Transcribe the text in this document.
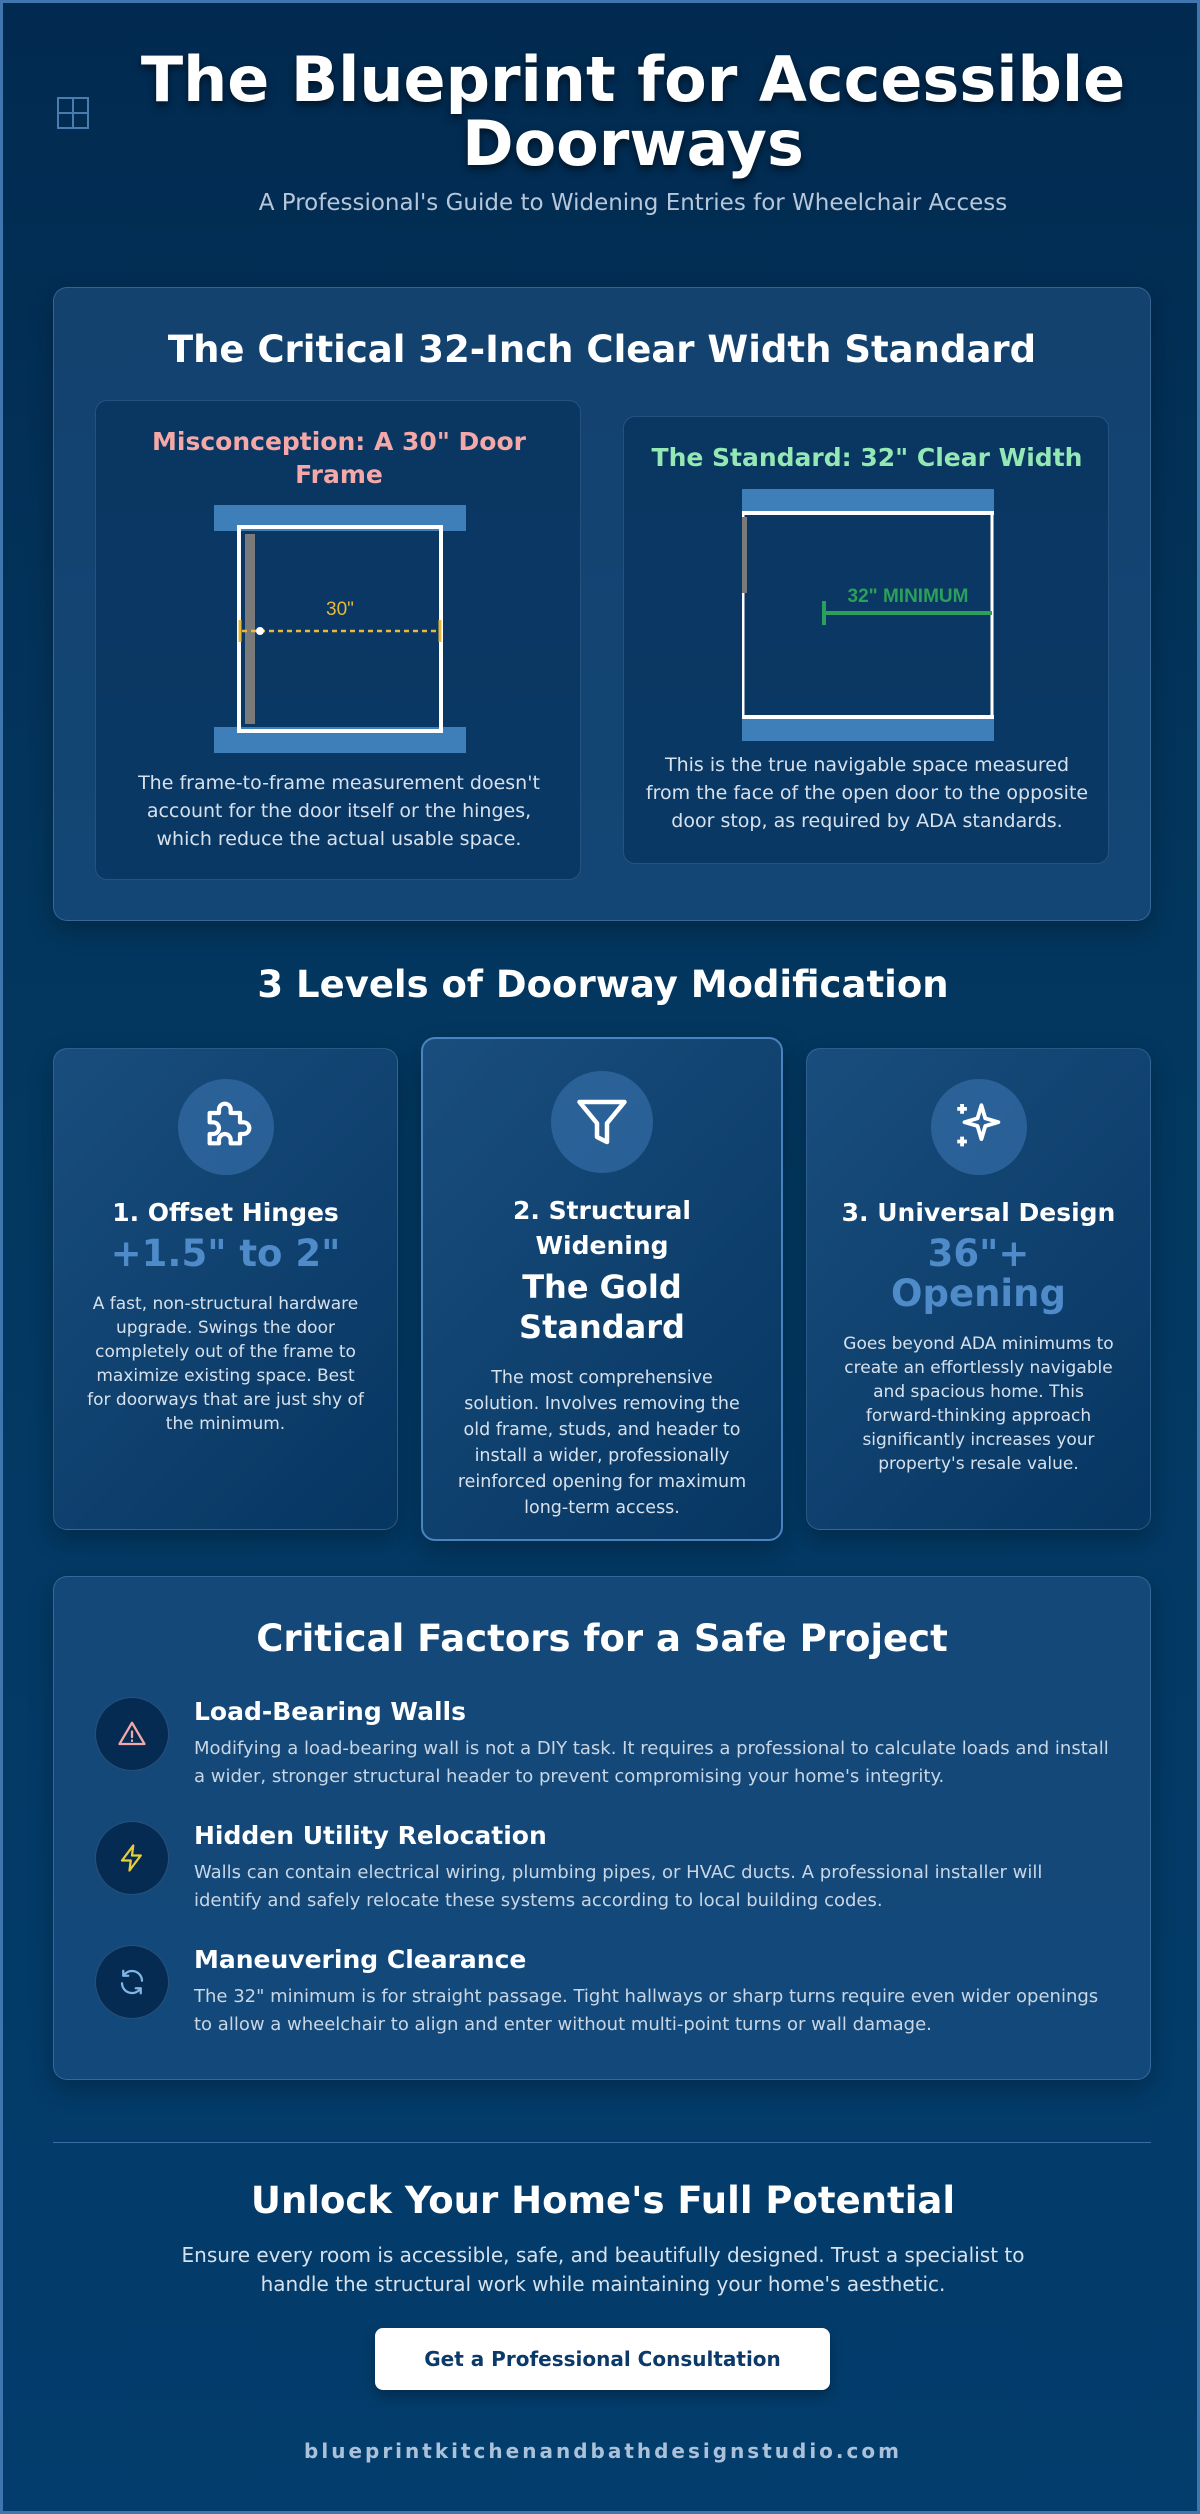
The Blueprint for Accessible Doorways

A Professional's Guide to Widening Entries for Wheelchair Access

The Critical 32-Inch Clear Width Standard
Misconception: A 30" Door Frame
30"

The frame-to-frame measurement doesn't account for the door itself or the hinges, which reduce the actual usable space.

The Standard: 32" Clear Width
32" MINIMUM

This is the true navigable space measured from the face of the open door to the opposite door stop, as required by ADA standards.

3 Levels of Doorway Modification
1. Offset Hinges
+1.5" to 2"

A fast, non-structural hardware upgrade. Swings the door completely out of the frame to maximize existing space. Best for doorways that are just shy of the minimum.

2. Structural Widening
The Gold Standard

The most comprehensive solution. Involves removing the old frame, studs, and header to install a wider, professionally reinforced opening for maximum long-term access.

3. Universal Design
36"+ Opening

Goes beyond ADA minimums to create an effortlessly navigable and spacious home. This forward-thinking approach significantly increases your property's resale value.

Critical Factors for a Safe Project
Load-Bearing Walls

Modifying a load-bearing wall is not a DIY task. It requires a professional to calculate loads and install a wider, stronger structural header to prevent compromising your home's integrity.

Hidden Utility Relocation

Walls can contain electrical wiring, plumbing pipes, or HVAC ducts. A professional installer will identify and safely relocate these systems according to local building codes.

Maneuvering Clearance

The 32" minimum is for straight passage. Tight hallways or sharp turns require even wider openings to allow a wheelchair to align and enter without multi-point turns or wall damage.

Unlock Your Home's Full Potential

Ensure every room is accessible, safe, and beautifully designed. Trust a specialist to handle the structural work while maintaining your home's aesthetic.

Get a Professional Consultation
blueprintkitchenandbathdesignstudio.com
